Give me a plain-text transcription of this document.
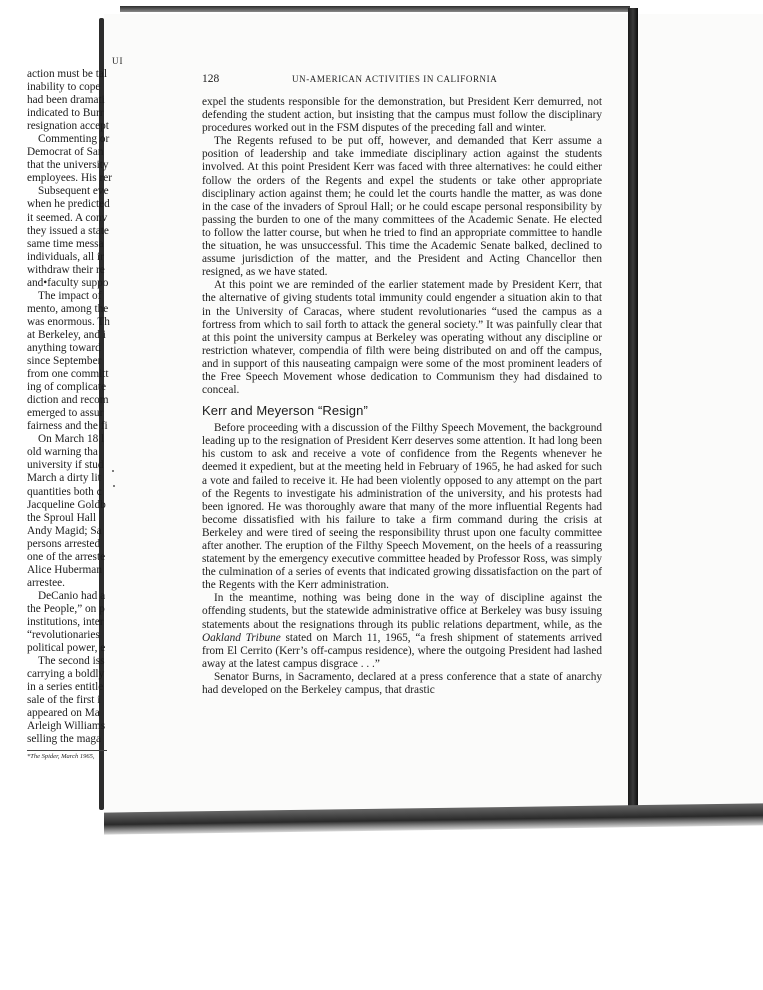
128	UN-AMERICAN ACTIVITIES IN CALIFORNIA

expel the students responsible for the demonstration, but President Kerr demurred, not defending the student action, but insisting that the campus must follow the disciplinary procedures worked out in the FSM disputes of the preceding fall and winter.

The Regents refused to be put off, however, and demanded that Kerr assume a position of leadership and take immediate disciplinary action against the students involved. At this point President Kerr was faced with three alternatives: he could either follow the orders of the Regents and expel the students or take other appropriate disciplinary action against them; he could let the courts handle the matter, as was done in the case of the invaders of Sproul Hall; or he could escape personal responsibility by passing the burden to one of the many committees of the Academic Senate. He elected to follow the latter course, but when he tried to find an appropriate committee to handle the situation, he was unsuccessful. This time the Academic Senate balked, declined to assume jurisdiction of the matter, and the President and Acting Chancellor then resigned, as we have stated.

At this point we are reminded of the earlier statement made by President Kerr, that the alternative of giving students total immunity could engender a situation akin to that in the University of Caracas, where student revolutionaries “used the campus as a fortress from which to sail forth to attack the general society.” It was painfully clear that at this point the university campus at Berkeley was operating without any discipline or restriction whatever, compendia of filth were being distributed on and off the campus, and in support of this nauseating campaign were some of the most prominent leaders of the Free Speech Movement whose dedication to Communism they had disdained to conceal.

Kerr and Meyerson “Resign”

Before proceeding with a discussion of the Filthy Speech Movement, the background leading up to the resignation of President Kerr deserves some attention. It had long been his custom to ask and receive a vote of confidence from the Regents whenever he deemed it expedient, but at the meeting held in February of 1965, he had asked for such a vote and failed to receive it. He had been violently opposed to any attempt on the part of the Regents to investigate his administration of the university, and his protests had been ignored. He was thoroughly aware that many of the more influential Regents had become dissatisfied with his failure to take a firm command during the crisis at Berkeley and were tired of seeing the responsibility thrust upon one faculty committee after another. The eruption of the Filthy Speech Movement, on the heels of a reassuring statement by the emergency executive committee headed by Professor Ross, was simply the culmination of a series of events that indicated growing dissatisfaction on the part of the Regents with the Kerr administration.

In the meantime, nothing was being done in the way of discipline against the offending students, but the statewide administrative office at Berkeley was busy issuing statements about the resignations through its public relations department, while, as the Oakland Tribune stated on March 11, 1965, “a fresh shipment of statements arrived from El Cerrito (Kerr’s off-campus residence), where the outgoing President had lashed away at the latest campus disgrace . . .”

Senator Burns, in Sacramento, declared at a press conference that a state of anarchy had developed on the Berkeley campus, that drastic

UI
action must be tal
inability to cope
had been dramati
indicated to Burr
resignation accept
Commenting or
Democrat of San
that the university
employees. His rer
Subsequent eve
when he predicted
it seemed. A conv
they issued a state
same time messa
individuals, all ir
withdraw their re
and•faculty suppo
The impact of
mento, among the
was enormous. Th
at Berkeley, and i
anything toward
since September
from one committ
ing of complicate
diction and recom
emerged to assur
fairness and the fi
On March 18 l
old warning tha
university if stud
March a dirty lit
quantities both c
Jacqueline Goldb
the Sproul Hall
Andy Magid; Sa
persons arrested
one of the arreste
Alice Huberman
arrestee.
DeCanio had a
the People,” on p
institutions, inter
“revolutionaries
political power, e
The second iss
carrying a boldly
in a series entitle
sale of the first i
appeared on Ma
Arleigh Williams
selling the maga
*The Spider, March 1965,
